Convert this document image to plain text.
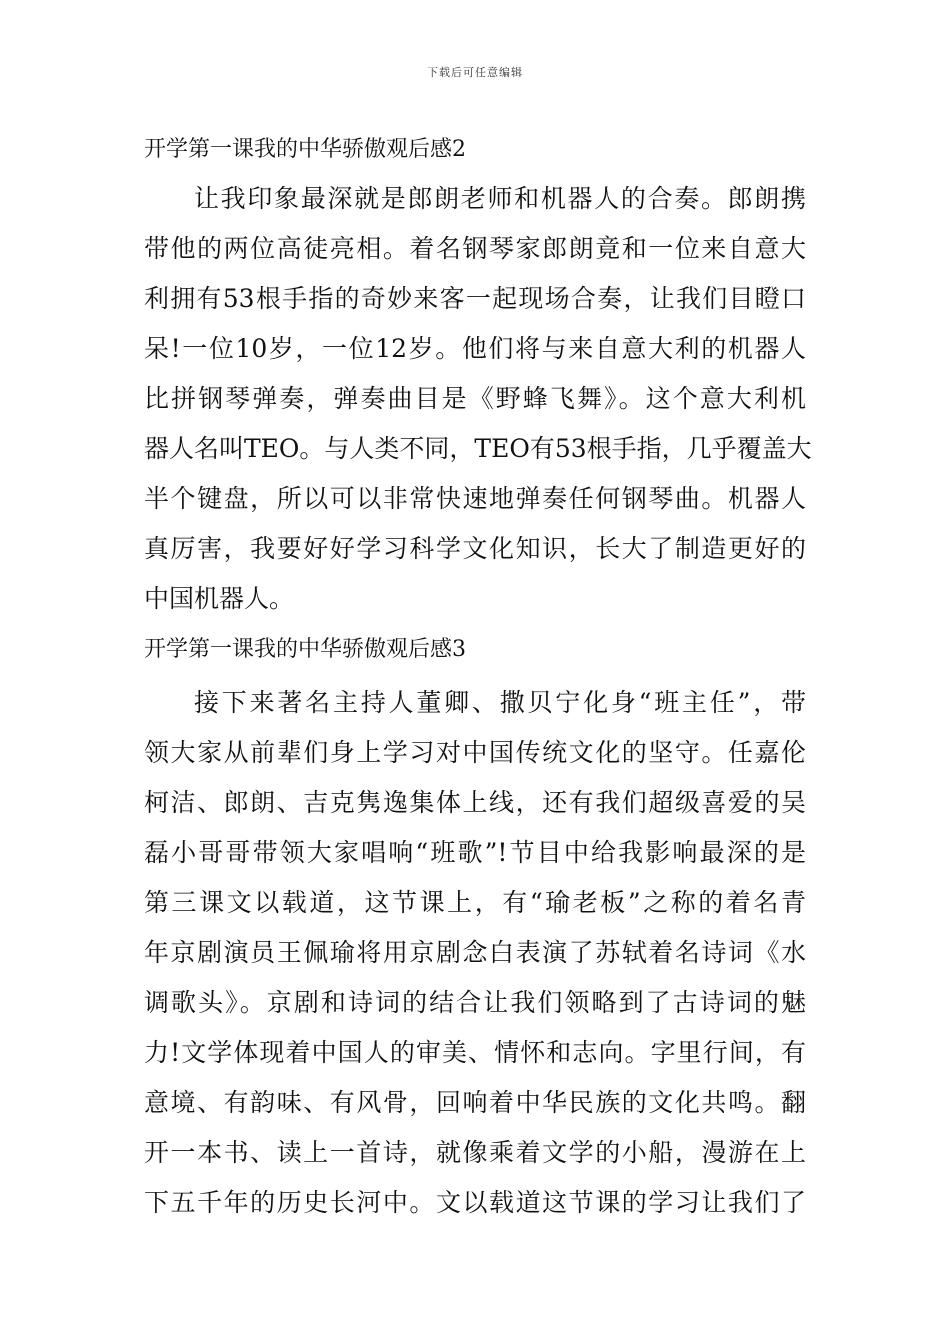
下载后可任意编辑
开学第一课我的中华骄傲观后感2
让我印象最深就是郎朗老师和机器人的合奏。郎朗携
带他的两位高徒亮相。着名钢琴家郎朗竟和一位来自意大
利拥有53根手指的奇妙来客一起现场合奏，让我们目瞪口
呆!一位10岁，一位12岁。他们将与来自意大利的机器人
比拼钢琴弹奏，弹奏曲目是《野蜂飞舞》。这个意大利机
器人名叫TEO。与人类不同，TEO有53根手指，几乎覆盖大
半个键盘，所以可以非常快速地弹奏任何钢琴曲。机器人
真厉害，我要好好学习科学文化知识，长大了制造更好的
中国机器人。
开学第一课我的中华骄傲观后感3
接下来著名主持人董卿、撒贝宁化身“班主任”，带
领大家从前辈们身上学习对中国传统文化的坚守。任嘉伦
柯洁、郎朗、吉克隽逸集体上线，还有我们超级喜爱的吴
磊小哥哥带领大家唱响“班歌”!节目中给我影响最深的是
第三课文以载道，这节课上，有“瑜老板”之称的着名青
年京剧演员王佩瑜将用京剧念白表演了苏轼着名诗词《水
调歌头》。京剧和诗词的结合让我们领略到了古诗词的魅
力!文学体现着中国人的审美、情怀和志向。字里行间，有
意境、有韵味、有风骨，回响着中华民族的文化共鸣。翻
开一本书、读上一首诗，就像乘着文学的小船，漫游在上
下五千年的历史长河中。文以载道这节课的学习让我们了
